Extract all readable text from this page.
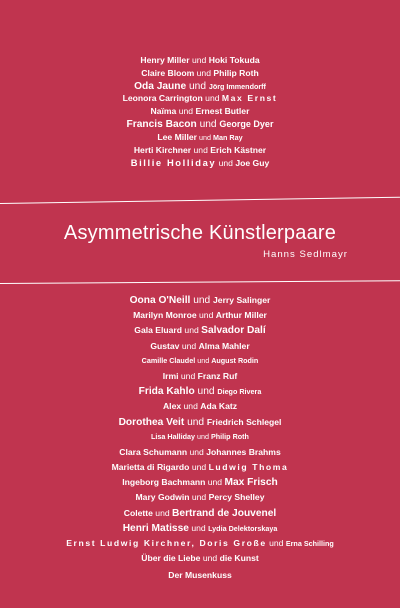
Henry Miller und Hoki Tokuda
Claire Bloom und Philip Roth
Oda Jaune und Jörg Immendorff
Leonora Carrington und Max Ernst
Naïma und Ernest Butler
Francis Bacon und George Dyer
Lee Miller und Man Ray
Herti Kirchner und Erich Kästner
Billie Holliday und Joe Guy
Asymmetrische Künstlerpaare
Hanns Sedlmayr
Oona O'Neill und Jerry Salinger
Marilyn Monroe und Arthur Miller
Gala Eluard und Salvador Dalí
Gustav und Alma Mahler
Camille Claudel und August Rodin
Irmi und Franz Ruf
Frida Kahlo und Diego Rivera
Alex und Ada Katz
Dorothea Veit und Friedrich Schlegel
Lisa Halliday und Philip Roth
Clara Schumann und Johannes Brahms
Marietta di Rigardo und Ludwig Thoma
Ingeborg Bachmann und Max Frisch
Mary Godwin und Percy Shelley
Colette und Bertrand de Jouvenel
Henri Matisse und Lydia Delektorskaya
Ernst Ludwig Kirchner, Doris Große und Erna Schilling
Über die Liebe und die Kunst
Der Musenkuss
